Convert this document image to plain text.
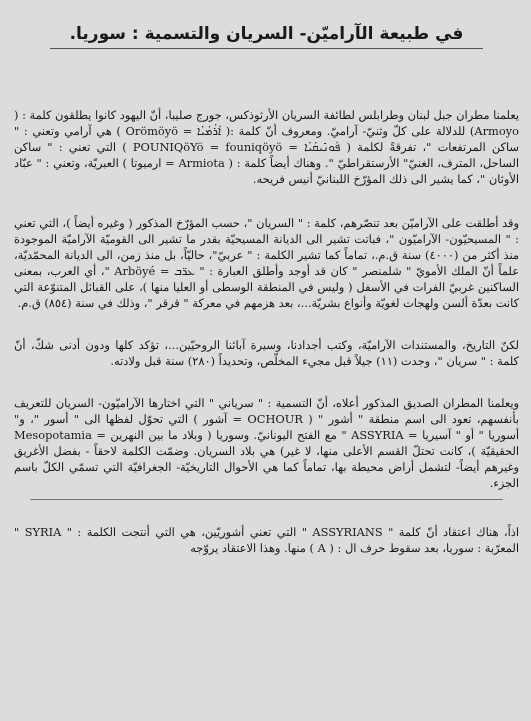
في طبيعة الآراميّن- السريان والتسمية : سوريا.

يعلمنا مطران جبل لبنان وطرابلس لطائفة السريان الأرثوذكس، جورج صليبا، أنّ اليهود كانوا يطلقون كلمة : ( Armoyo) للدلالة على كلّ وثنيّ- آراميّ. ومعروف أنّ كلمة :( ܐܳܪܳܡܳܝܳܐ = Orömöyö ) هي آرامي وتعني : " ساكن المرتفعات "، تفرقةً لكلمة ( ܦܰܘܢܺܝܩܳܝܳܐ = POUNIQöYö = founiqöyö ) التي تعني : " ساكن الساحل، المترف، الغنيّ" الأرستقراطيّ ". وهناك أيضاً كلمة : ( Armiota = ارميوتا ) العبريّة، وتعني : " عبّاد الأوثان "، كما يشير الى ذلك المؤرّخ اللبنانيّ أنيس فريحه.

وقد أطلقت على الآراميّن بعد تنصّرهم، كلمة : " السريان "، حسب المؤرّخ المذكور ( وغيره أيضاً )، التي تعني : " المسيحيّون- الآراميّون "، فباتت تشير الى الديانة المسيحيّة بقدر ما تشير الى القوميّة الآراميّة الموجودة منذ أكثر من (٤٠٠٠) سنة ق.م.، تماماً كما تشير الكلمة : " عربيّ"، حاليّاً، بل منذ زمن، الى الديانة المحمّديّة، علماً أنّ الملك الأمويّ " شلمنصر " كان قد أوجد وأطلق العبارة : " ܥܪ̈ܒ = Arböyé "، أي العرب، بمعنى الساكنين غربيّ الفرات في الأسفل ( وليس في المنطقة الوسطى أو العليا منها )، على القبائل المتنوّعة التي كانت بعدّة ألسن ولهجات لغويّة وأنواع بشريّة...، بعد هزمهم في معركة " قرقر "، وذلك في سنة (٨٥٤) ق.م.

لكنّ التاريخ، والمستندات الآراميّة، وكتب أجدادنا، وسيرة آبائنا الروحيّين...، تؤكد كلها ودون أدنى شكّ، أنّ كلمة : " سريان "، وجدت (١١) جيلاً قبل مجيء المخلّص، وتحديداً (٢٨٠) سنة قبل ولادته.

ويعلمنا المطران الصديق المذكور أعلاه، أنّ التسمية : " سرياني " التي اختارها الآراميّون- السريان للتعريف بأنفسهم، تعود الى اسم منطقة " أشور " ( OCHOUR = آشور ) التي تحوّل لفظها الى " أسور "، و" أسوريا " أو " آسيريا = ASSYRIA " مع الفتح اليونانيّ. وسوريا ( وبلاد ما بين النهرين = Mesopotamia الحقيقيّة )، كانت تحتلّ القسم الأعلى منها، لا غير) هي بلاد السريان. وضمّت الكلمة لاحقاً - بفضل الأغريق وغيرهم أيضاً- لتشمل أراض محيطة بها، تماماً كما هي الأحوال التاريخيّة- الجغرافيّة التي تسمّي الكلّ باسم الجزء.

اذاً، هناك اعتقاد أنّ كلمة " ASSYRIANS " التي تعني أشوريّين، هي التي أنتجت الكلمة : " SYRIA " المعرّبة : سوريا، بعد سقوط حرف ال : ( A ) منها. وهذا الاعتقاد يروّجه
